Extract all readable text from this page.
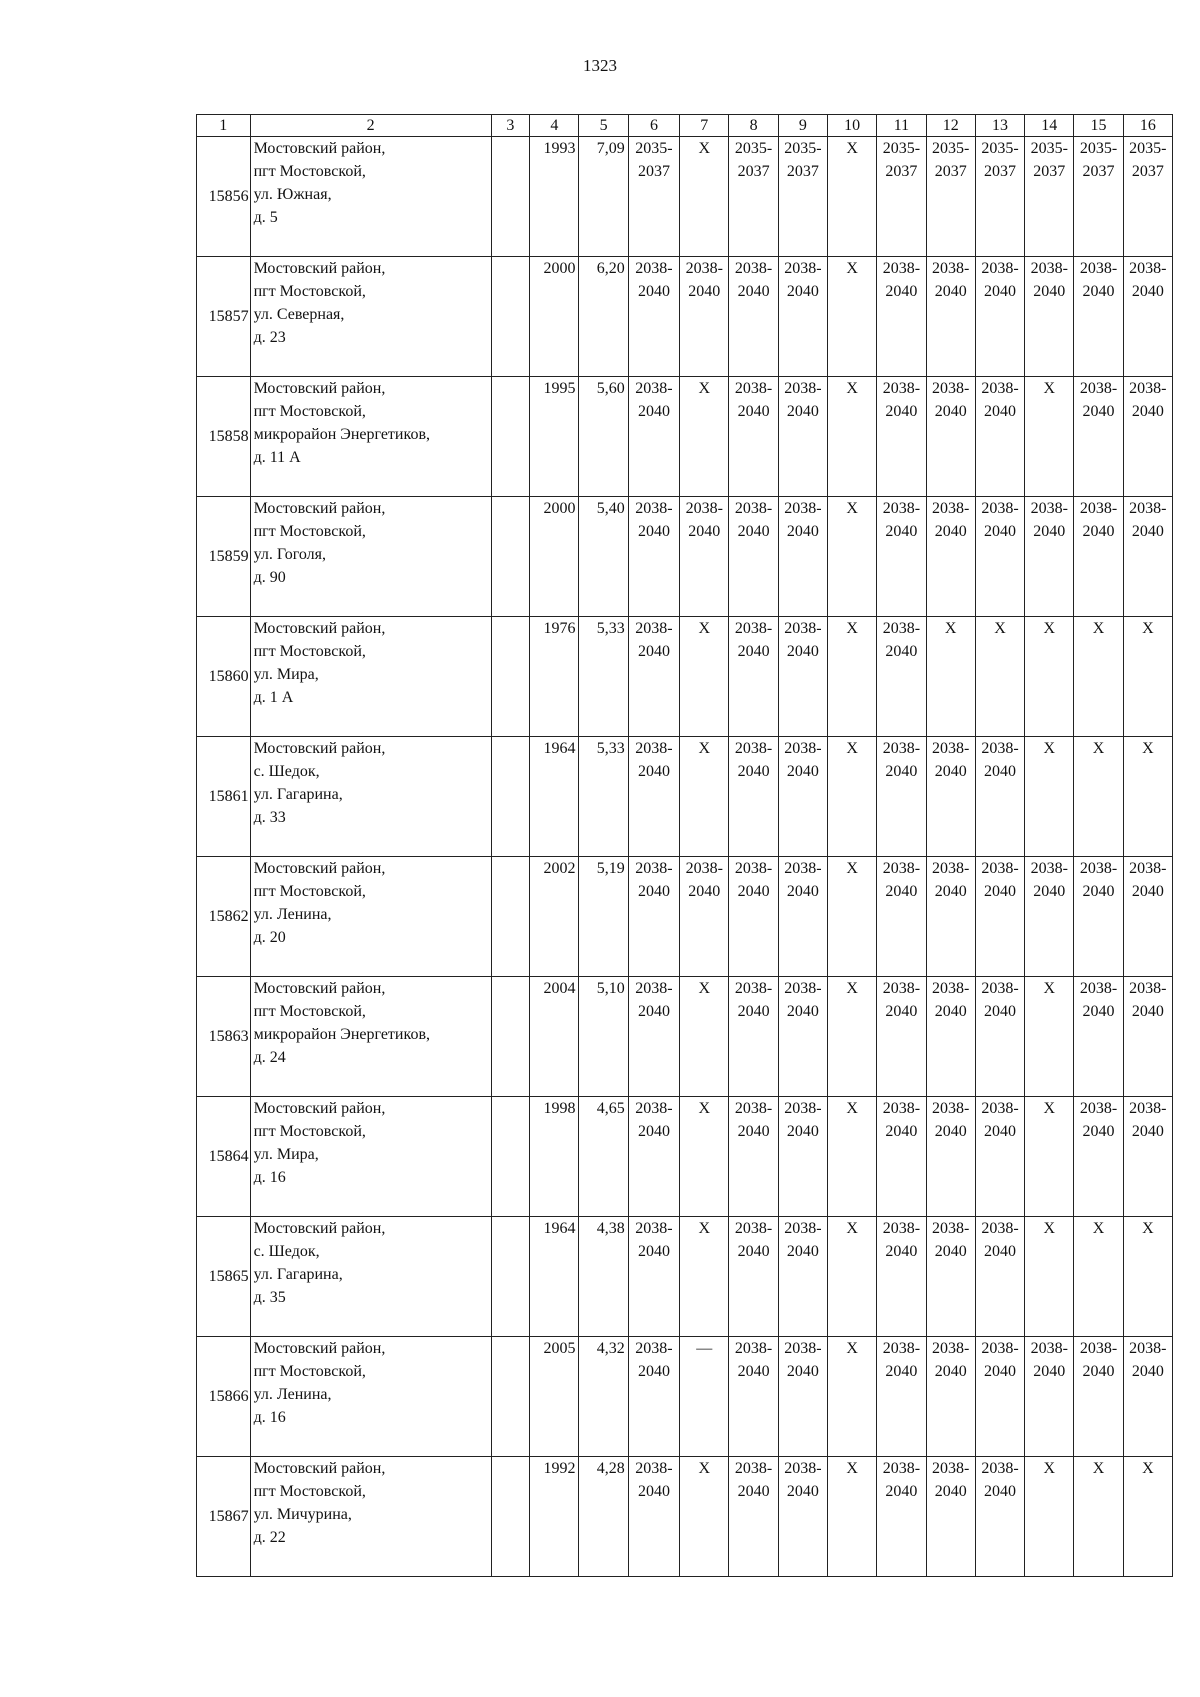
1323
1	2	3	4	5	6	7	8	9	10	11	12	13	14	15	16
15856	Мостовский район,
пгт Мостовской,
ул. Южная,
д. 5		1993	7,09	2035-
2037	X	2035-
2037	2035-
2037	X	2035-
2037	2035-
2037	2035-
2037	2035-
2037	2035-
2037	2035-
2037
15857	Мостовский район,
пгт Мостовской,
ул. Северная,
д. 23		2000	6,20	2038-
2040	2038-
2040	2038-
2040	2038-
2040	X	2038-
2040	2038-
2040	2038-
2040	2038-
2040	2038-
2040	2038-
2040
15858	Мостовский район,
пгт Мостовской,
микрорайон Энергетиков,
д. 11 А		1995	5,60	2038-
2040	X	2038-
2040	2038-
2040	X	2038-
2040	2038-
2040	2038-
2040	X	2038-
2040	2038-
2040
15859	Мостовский район,
пгт Мостовской,
ул. Гоголя,
д. 90		2000	5,40	2038-
2040	2038-
2040	2038-
2040	2038-
2040	X	2038-
2040	2038-
2040	2038-
2040	2038-
2040	2038-
2040	2038-
2040
15860	Мостовский район,
пгт Мостовской,
ул. Мира,
д. 1 А		1976	5,33	2038-
2040	X	2038-
2040	2038-
2040	X	2038-
2040	X	X	X	X	X
15861	Мостовский район,
с. Шедок,
ул. Гагарина,
д. 33		1964	5,33	2038-
2040	X	2038-
2040	2038-
2040	X	2038-
2040	2038-
2040	2038-
2040	X	X	X
15862	Мостовский район,
пгт Мостовской,
ул. Ленина,
д. 20		2002	5,19	2038-
2040	2038-
2040	2038-
2040	2038-
2040	X	2038-
2040	2038-
2040	2038-
2040	2038-
2040	2038-
2040	2038-
2040
15863	Мостовский район,
пгт Мостовской,
микрорайон Энергетиков,
д. 24		2004	5,10	2038-
2040	X	2038-
2040	2038-
2040	X	2038-
2040	2038-
2040	2038-
2040	X	2038-
2040	2038-
2040
15864	Мостовский район,
пгт Мостовской,
ул. Мира,
д. 16		1998	4,65	2038-
2040	X	2038-
2040	2038-
2040	X	2038-
2040	2038-
2040	2038-
2040	X	2038-
2040	2038-
2040
15865	Мостовский район,
с. Шедок,
ул. Гагарина,
д. 35		1964	4,38	2038-
2040	X	2038-
2040	2038-
2040	X	2038-
2040	2038-
2040	2038-
2040	X	X	X
15866	Мостовский район,
пгт Мостовской,
ул. Ленина,
д. 16		2005	4,32	2038-
2040	—	2038-
2040	2038-
2040	X	2038-
2040	2038-
2040	2038-
2040	2038-
2040	2038-
2040	2038-
2040
15867	Мостовский район,
пгт Мостовской,
ул. Мичурина,
д. 22		1992	4,28	2038-
2040	X	2038-
2040	2038-
2040	X	2038-
2040	2038-
2040	2038-
2040	X	X	X
